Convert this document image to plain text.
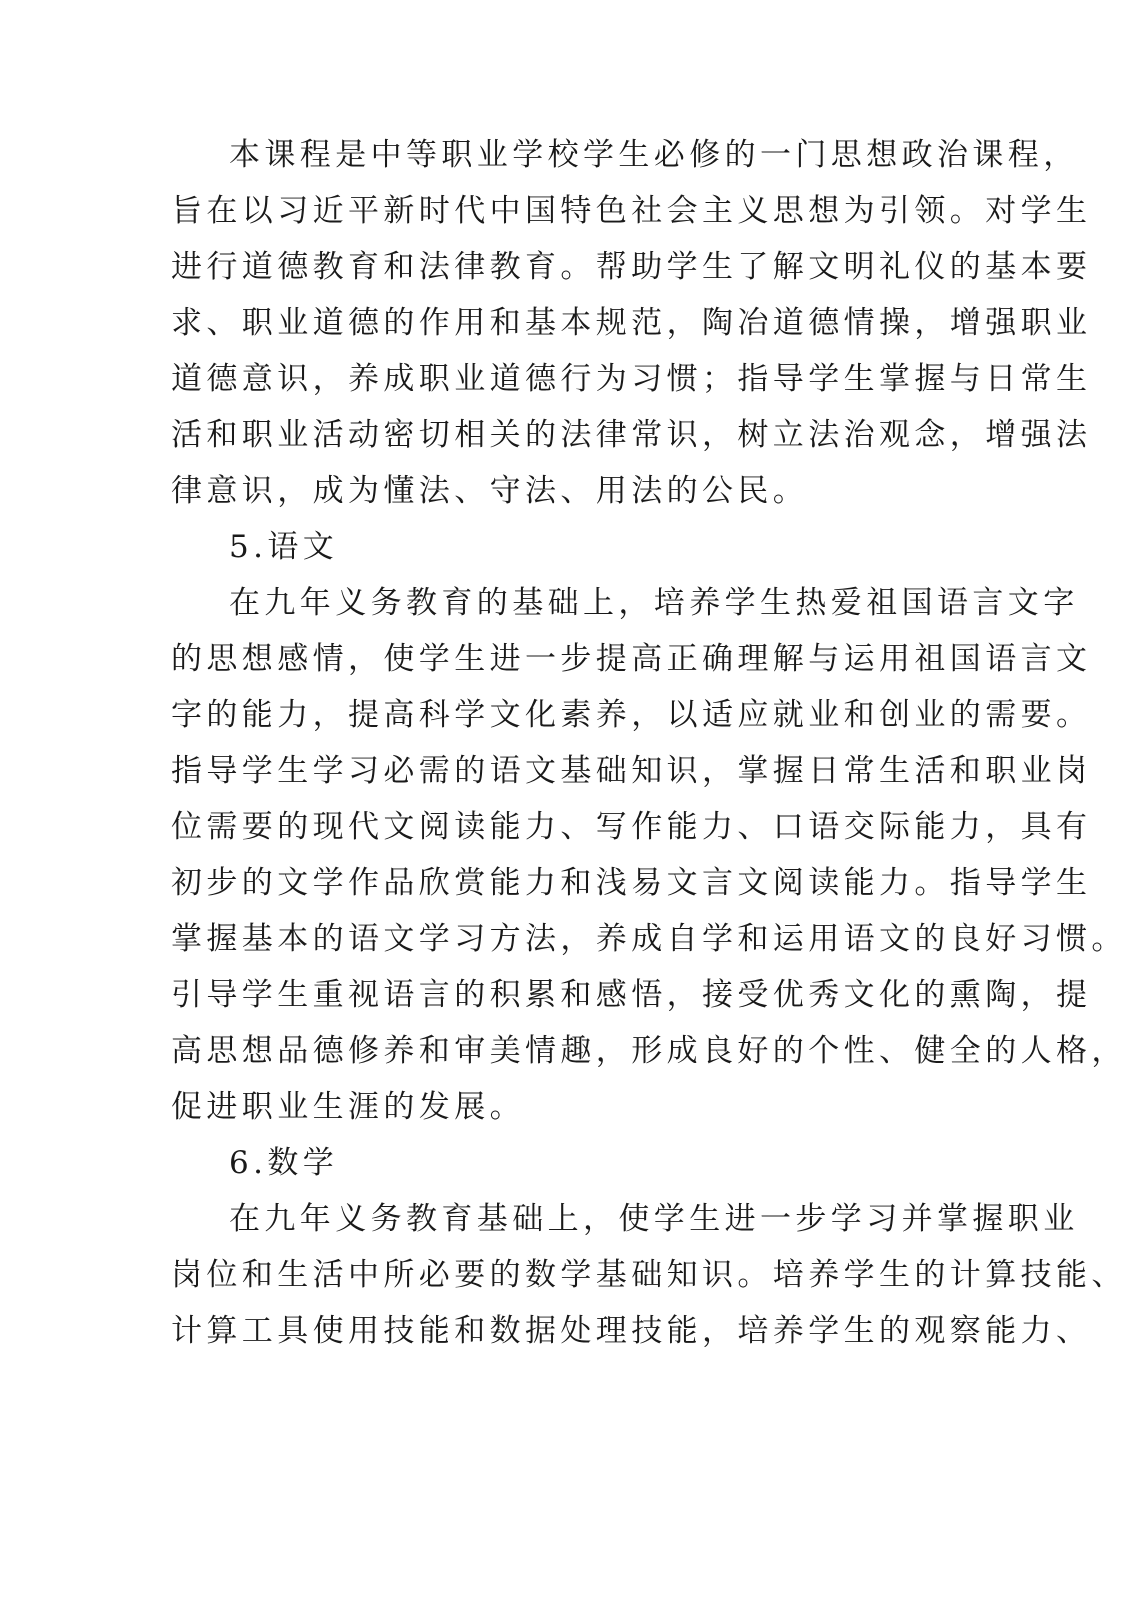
本课程是中等职业学校学生必修的一门思想政治课程，
旨在以习近平新时代中国特色社会主义思想为引领。对学生
进行道德教育和法律教育。帮助学生了解文明礼仪的基本要
求、职业道德的作用和基本规范，陶冶道德情操，增强职业
道德意识，养成职业道德行为习惯；指导学生掌握与日常生
活和职业活动密切相关的法律常识，树立法治观念，增强法
律意识，成为懂法、守法、用法的公民。
5.语文
在九年义务教育的基础上，培养学生热爱祖国语言文字
的思想感情，使学生进一步提高正确理解与运用祖国语言文
字的能力，提高科学文化素养，以适应就业和创业的需要。
指导学生学习必需的语文基础知识，掌握日常生活和职业岗
位需要的现代文阅读能力、写作能力、口语交际能力，具有
初步的文学作品欣赏能力和浅易文言文阅读能力。指导学生
掌握基本的语文学习方法，养成自学和运用语文的良好习惯。
引导学生重视语言的积累和感悟，接受优秀文化的熏陶，提
高思想品德修养和审美情趣，形成良好的个性、健全的人格，
促进职业生涯的发展。
6.数学
在九年义务教育基础上，使学生进一步学习并掌握职业
岗位和生活中所必要的数学基础知识。培养学生的计算技能、
计算工具使用技能和数据处理技能，培养学生的观察能力、
